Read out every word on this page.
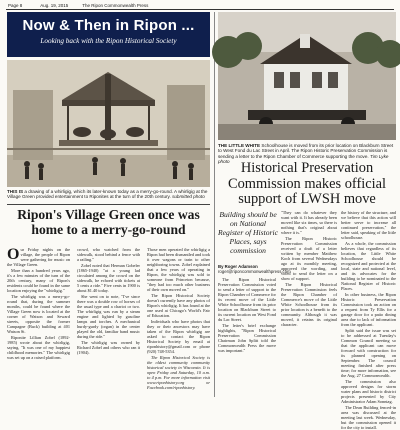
Page 8	Aug. 19, 2015	The Ripon Commonwealth Press
Now & Then in Ripon ...
Looking back with the Ripon Historical Society
THIS IS a drawing of a whirligig, which its later-known today as a merry-go-round. A whirligig at the Village Green provided entertainment to Riponites at the turn of the 20th century. submitted photo
Ripon's Village Green once was home to a merry-go-round
O ur Friday nights on the village, the people of Ripon were gathering for music on the Village Green.

More than a hundred years ago, it's a few minutes of the turn of the 20th century, many of Ripon's residents could be found in the same location enjoying the "whirligig."

The whirligig was a merry-go-round that, during the summer months, could be found where the Village Green now is located at the corner of Watson and Seward streets, opposite the former Campagne (Buck) building at 401 Watson St.

Riponite Lillian Zobel (1892-1985) wrote about the whirligig, saying, "It was one of my happiest childhood memories." The whirligig was set up on a raised platform.

crowd, who watched from the sidewalk, stood behind a fence with a railing."

Zobel noted that Herman Gobeler (1865-1940) "at a young lad circulated among the crowd on the sidewalk, he echoed with tickets at 5 cents a ride." Five cents in 1900 is about $1.40 today.

She went on to note, "I've since there was a double row of horses of the usual type and a chariot or two. The whirligig was run by a steam engine and lighted by gasoline lamps and torches. A mechanical hurdy-gurdy (organ) in the center played the old, familiar band music during the ride."

The whirligig was owned by Richard Zobel and others who ran it (1904).

Those men operated the whirligig a Ripon had been dismantled and took it over wagons or train to other neighboring towns. Zobel explained that a few years of operating in Ripon, the whirligig was sold to someone from Princeton because, "they had too much other business of their own moved on."

The Ripon Historical Society doesn't currently have any photos of Ripon's whirligig. It has found at the one used at Chicago's World's Fair of Education.

Individuals who have photos that they or their ancestors may have taken of the Ripon whirligig are asked to contact the Ripon Historical Society by email at riponhistory@gmail.com or phone (920) 748-5354.

The Ripon Historical Society is the oldest community community historical society in Wisconsin. It is open Friday and Saturday, 10 a.m. to 4 p.m. For more information visit www.riponhistory.org or Facebook.com/riponhistory.

THE LITTLE WHITE Schoolhouse is moved from its prior location on Blackburn Street to West Fond du Lac Street in April. The Ripon Historic Preservation Commission is sending a letter to the Ripon Chamber of Commerce supporting the move. Tim Lyke photo Historical Preservation Commission makes official support of LWSH move
Building should be on National Register of Historic Places, says commission
By Roger Adamson
roger@riponcommonwealthpress.com

The Ripon Historical Preservation Commission voted to send a letter of support to the Ripon Chamber of Commerce for its recent move of the Little White Schoolhouse from its prior location on Blackburn Street to its current location on West Fond du Lac Street.

The letter's brief exchange highlights, "Ripon Historical Preservation Commission Chairman John Splitt told the Commonwealth Press the move was important."

"They can do whatever they want with it. It has already been moved like six times, so there is nothing that's original about where it is."

The Ripon Historic Preservation Commission received a draft of a letter written by member Matthew Koch from several Wednesdays ago at its monthly meeting, approved the wording, and voted to send the letter on a show of support.

The Ripon Historical Preservation Commission feels the Ripon Chamber of Commerce's move of the Little White Schoolhouse from its prior location is a benefit to the community. Although it was moved, it retains its original character.

the history of the structure, and we believe that this action will better serve to increase all continued preservation," the letter said, speaking of the little schoolhouse.

As a whole, the commission believes that regardless of its location, the Little White Schoolhouse should be recognized and protected at the local, state and national level, and its advocates for the building to be nominated to the National Register of Historic Places.

In other business, the Ripon Historic Preservation Commission took an action on a request from Ty Ellis for a garage door for a patio dining area due to lack of information from the applicant.

Splitt said the issue was set to be addressed at Tuesday's Common Council meeting so that the applicant can move forward with construction for its planned opening on September. The council meeting finished after press time; for more information, see the Aug. 27 Commonwealth.

The commission also approved designs for storm water plans and historic district projects presented by City Administrator Adam Sonntag.

The Dean Building fenced-in area was discussed at the meeting last week. Wednesday, but the commission opened it for the city to install.
